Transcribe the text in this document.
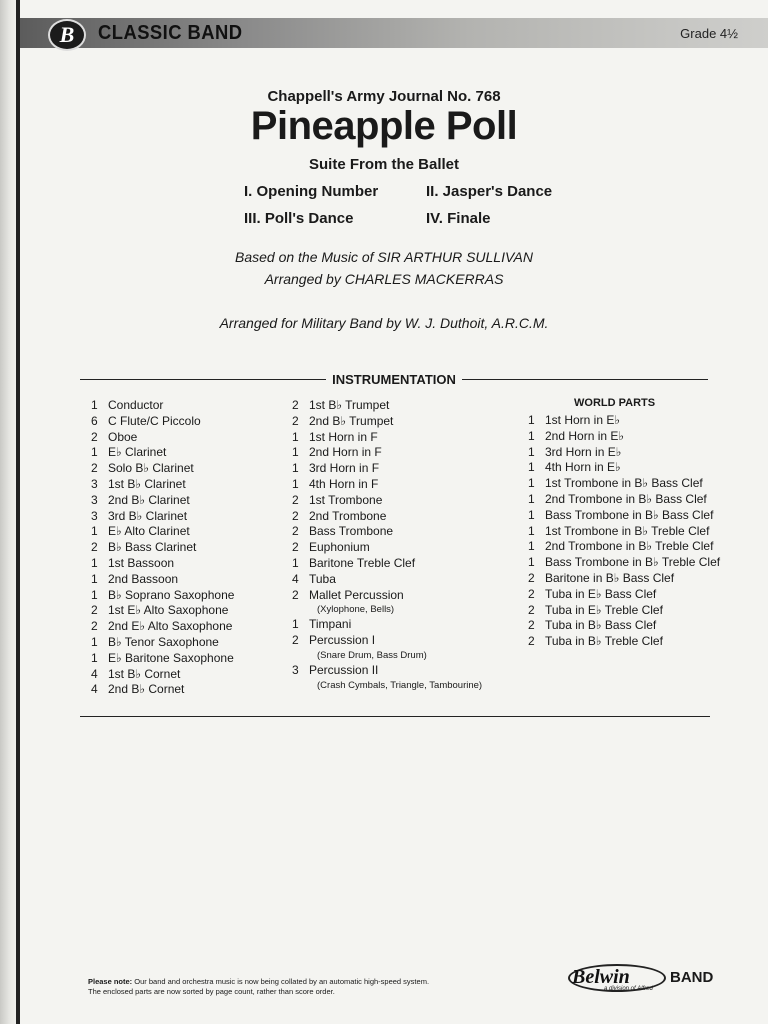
B	CLASSIC BAND	Grade 4½
Chappell's Army Journal No. 768
Pineapple Poll
Suite From the Ballet
I. Opening Number	II. Jasper's Dance
III. Poll's Dance	IV. Finale
Based on the Music of SIR ARTHUR SULLIVAN
Arranged by CHARLES MACKERRAS
Arranged for Military Band by W. J. Duthoit, A.R.C.M.
INSTRUMENTATION
1 Conductor
6 C Flute/C Piccolo
2 Oboe
1 E♭ Clarinet
2 Solo B♭ Clarinet
3 1st B♭ Clarinet
3 2nd B♭ Clarinet
3 3rd B♭ Clarinet
1 E♭ Alto Clarinet
2 B♭ Bass Clarinet
1 1st Bassoon
1 2nd Bassoon
1 B♭ Soprano Saxophone
2 1st E♭ Alto Saxophone
2 2nd E♭ Alto Saxophone
1 B♭ Tenor Saxophone
1 E♭ Baritone Saxophone
4 1st B♭ Cornet
4 2nd B♭ Cornet
2 1st B♭ Trumpet
2 2nd B♭ Trumpet
1 1st Horn in F
1 2nd Horn in F
1 3rd Horn in F
1 4th Horn in F
2 1st Trombone
2 2nd Trombone
2 Bass Trombone
2 Euphonium
1 Baritone Treble Clef
4 Tuba
2 Mallet Percussion
(Xylophone, Bells)
1 Timpani
2 Percussion I
(Snare Drum, Bass Drum)
3 Percussion II
(Crash Cymbals, Triangle, Tambourine)
WORLD PARTS
1 1st Horn in E♭
1 2nd Horn in E♭
1 3rd Horn in E♭
1 4th Horn in E♭
1 1st Trombone in B♭ Bass Clef
1 2nd Trombone in B♭ Bass Clef
1 Bass Trombone in B♭ Bass Clef
1 1st Trombone in B♭ Treble Clef
1 2nd Trombone in B♭ Treble Clef
1 Bass Trombone in B♭ Treble Clef
2 Baritone in B♭ Bass Clef
2 Tuba in E♭ Bass Clef
2 Tuba in E♭ Treble Clef
2 Tuba in B♭ Bass Clef
2 Tuba in B♭ Treble Clef
Please note: Our band and orchestra music is now being collated by an automatic high-speed system.
The enclosed parts are now sorted by page count, rather than score order.
Belwin	BAND
a division of Alfred
